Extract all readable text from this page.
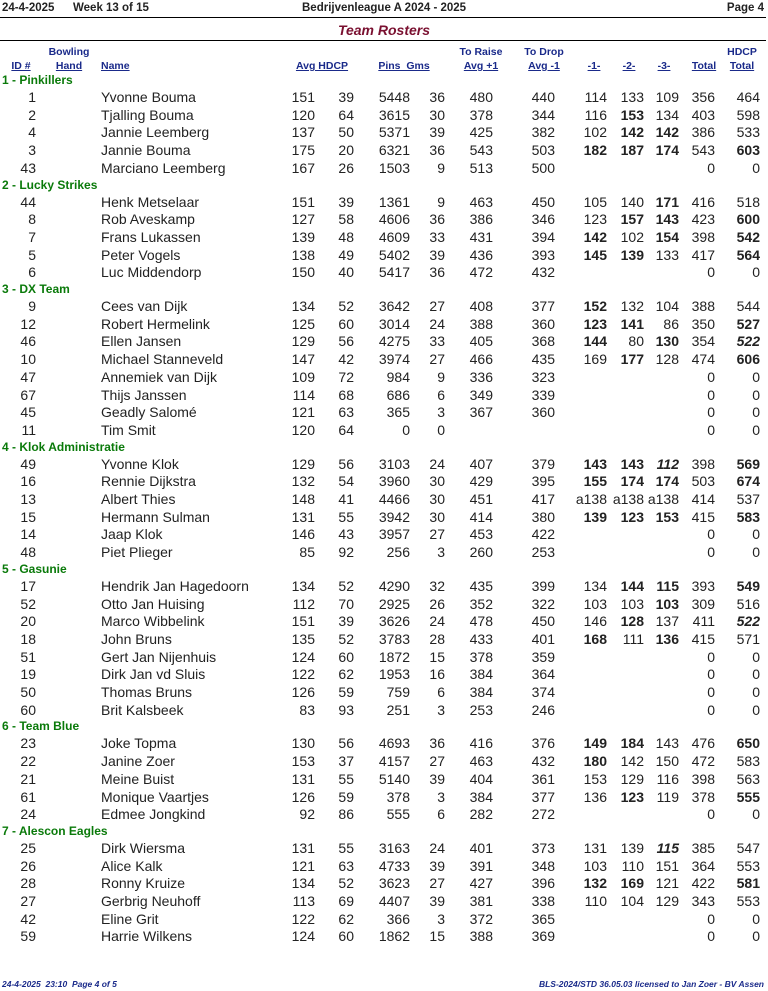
24-4-2025 Week 13 of 15	Bedrijvenleague A 2024 - 2025	Page 4
Team Rosters
ID #
Bowling
Hand	Name	Avg HDCP	Pins  Gms
To Raise
Avg +1
To Drop
Avg -1	-1-	-2-	-3-	Total
HDCP
Total
1 - Pinkillers
1	Yvonne Bouma	151	39	5448	36	480	440	114 133 109 356	464
2	Tjalling Bouma	120	64	3615	30	378	344	116 153 134 403	598
4	Jannie Leemberg	137	50	5371	39	425	382	102 142 142 386	533
3	Jannie Bouma	175	20	6321	36	543	503	182 187 174 543	603
43	Marciano Leemberg	167	26	1503	9	513	500	0	0
2 - Lucky Strikes
44	Henk Metselaar	151	39	1361	9	463	450	105 140 171 416	518
8	Rob Aveskamp	127	58	4606	36	386	346	123 157 143 423	600
7	Frans Lukassen	139	48	4609	33	431	394	142 102 154 398	542
5	Peter Vogels	138	49	5402	39	436	393	145 139 133 417	564
6	Luc Middendorp	150	40	5417	36	472	432	0	0
3 - DX Team
9	Cees van Dijk	134	52	3642	27	408	377	152 132 104 388	544
12	Robert Hermelink	125	60	3014	24	388	360	123 141	86 350	527
46	Ellen Jansen	129	56	4275	33	405	368	144	80 130 354	522
10	Michael Stanneveld	147	42	3974	27	466	435	169 177 128 474	606
47	Annemiek van Dijk	109	72	984	9	336	323	0	0
67	Thijs Janssen	114	68	686	6	349	339	0	0
45	Geadly Salomé	121	63	365	3	367	360	0	0
11	Tim Smit	120	64	0	0	0	0
4 - Klok Administratie
49	Yvonne Klok	129	56	3103	24	407	379	143 143 112 398	569
16	Rennie Dijkstra	132	54	3960	30	429	395	155 174 174 503	674
13	Albert Thies	148	41	4466	30	451	417	a138 a138 a138 414	537
15	Hermann Sulman	131	55	3942	30	414	380	139 123 153 415	583
14	Jaap Klok	146	43	3957	27	453	422	0	0
48	Piet Plieger	85	92	256	3	260	253	0	0
5 - Gasunie
17	Hendrik Jan Hagedoorn	134	52	4290	32	435	399	134 144 115 393	549
52	Otto Jan Huising	112	70	2925	26	352	322	103 103 103 309	516
20	Marco Wibbelink	151	39	3626	24	478	450	146 128 137 411	522
18	John Bruns	135	52	3783	28	433	401	168	111 136 415	571
51	Gert Jan Nijenhuis	124	60	1872	15	378	359	0	0
19	Dirk Jan vd Sluis	122	62	1953	16	384	364	0	0
50	Thomas Bruns	126	59	759	6	384	374	0	0
60	Brit Kalsbeek	83	93	251	3	253	246	0	0
6 - Team Blue
23	Joke Topma	130	56	4693	36	416	376	149 184 143 476	650
22	Janine Zoer	153	37	4157	27	463	432	180 142 150 472	583
21	Meine Buist	131	55	5140	39	404	361	153 129 116 398	563
61	Monique Vaartjes	126	59	378	3	384	377	136 123 119 378	555
24	Edmee Jongkind	92	86	555	6	282	272	0	0
7 - Alescon Eagles
25	Dirk Wiersma	131	55	3163	24	401	373	131 139 115 385	547
26	Alice Kalk	121	63	4733	39	391	348	103	110 151 364	553
28	Ronny Kruize	134	52	3623	27	427	396	132 169 121 422	581
27	Gerbrig Neuhoff	113	69	4407	39	381	338	110 104 129 343	553
42	Eline Grit	122	62	366	3	372	365	0	0
59	Harrie Wilkens	124	60	1862	15	388	369	0	0
24-4-2025  23:10  Page 4 of 5	BLS-2024/STD 36.05.03 licensed to Jan Zoer - BV Assen
